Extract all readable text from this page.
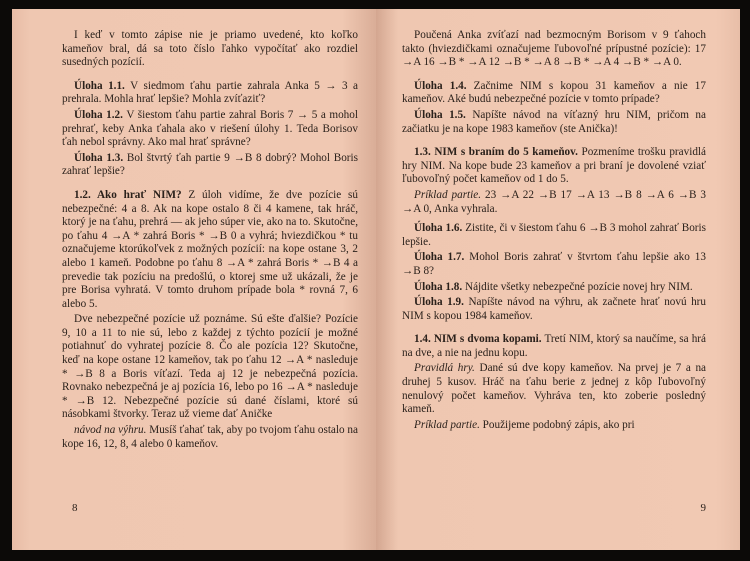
I keď v tomto zápise nie je priamo uvedené, kto koľko kameňov bral, dá sa toto číslo ľahko vypočítať ako rozdiel susedných pozícií.

Úloha 1.1. V siedmom ťahu partie zahrala Anka 5 → 3 a prehrala. Mohla hrať lepšie? Mohla zvíťaziť?

Úloha 1.2. V šiestom ťahu partie zahral Boris 7 → 5 a mohol prehrať, keby Anka ťahala ako v riešení úlohy 1. Teda Borisov ťah nebol správny. Ako mal hrať správne?

Úloha 1.3. Bol štvrtý ťah partie 9 →B 8 dobrý? Mohol Boris zahrať lepšie?

1.2. Ako hrať NIM? Z úloh vidíme, že dve pozície sú nebezpečné: 4 a 8. Ak na kope ostalo 8 či 4 kamene, tak hráč, ktorý je na ťahu, prehrá — ak jeho súper vie, ako na to. Skutočne, po ťahu 4 →A * zahrá Boris * →B 0 a vyhrá; hviezdičkou * tu označujeme ktorúkoľvek z možných pozícií: na kope ostane 3, 2 alebo 1 kameň. Podobne po ťahu 8 →A * zahrá Boris * →B 4 a prevedie tak pozíciu na predošlú, o ktorej sme už ukázali, že je pre Borisa vyhratá. V tomto druhom prípade bola * rovná 7, 6 alebo 5.

Dve nebezpečné pozície už poznáme. Sú ešte ďalšie? Pozície 9, 10 a 11 to nie sú, lebo z každej z týchto pozícií je možné potiahnuť do vyhratej pozície 8. Čo ale pozícia 12? Skutočne, keď na kope ostane 12 kameňov, tak po ťahu 12 →A * nasleduje * →B 8 a Boris víťazí. Teda aj 12 je nebezpečná pozícia. Rovnako nebezpečná je aj pozícia 16, lebo po 16 →A * nasleduje * →B 12. Nebezpečné pozície sú dané číslami, ktoré sú násobkami štvorky. Teraz už vieme dať Aničke

návod na výhru. Musíš ťahať tak, aby po tvojom ťahu ostalo na kope 16, 12, 8, 4 alebo 0 kameňov.

8

Poučená Anka zvíťazí nad bezmocným Borisom v 9 ťahoch takto (hviezdičkami označujeme ľubovoľné prípustné pozície): 17 →A 16 →B * →A 12 →B * →A 8 →B * →A 4 →B * →A 0.

Úloha 1.4. Začnime NIM s kopou 31 kameňov a nie 17 kameňov. Aké budú nebezpečné pozície v tomto prípade?

Úloha 1.5. Napíšte návod na víťazný hru NIM, pričom na začiatku je na kope 1983 kameňov (ste Anička)!

1.3. NIM s braním do 5 kameňov. Pozmeníme trošku pravidlá hry NIM. Na kope bude 23 kameňov a pri braní je dovolené vziať ľubovoľný počet kameňov od 1 do 5.

Príklad partie. 23 →A 22 →B 17 →A 13 →B 8 →A 6 →B 3 →A 0, Anka vyhrala.

Úloha 1.6. Zistite, či v šiestom ťahu 6 →B 3 mohol zahrať Boris lepšie.

Úloha 1.7. Mohol Boris zahrať v štvrtom ťahu lepšie ako 13 →B 8?

Úloha 1.8. Nájdite všetky nebezpečné pozície novej hry NIM.

Úloha 1.9. Napíšte návod na výhru, ak začnete hrať novú hru NIM s kopou 1984 kameňov.

1.4. NIM s dvoma kopami. Tretí NIM, ktorý sa naučíme, sa hrá na dve, a nie na jednu kopu.

Pravidlá hry. Dané sú dve kopy kameňov. Na prvej je 7 a na druhej 5 kusov. Hráč na ťahu berie z jednej z kôp ľubovoľný nenulový počet kameňov. Vyhráva ten, kto zoberie posledný kameň.

Príklad partie. Použijeme podobný zápis, ako pri

9
